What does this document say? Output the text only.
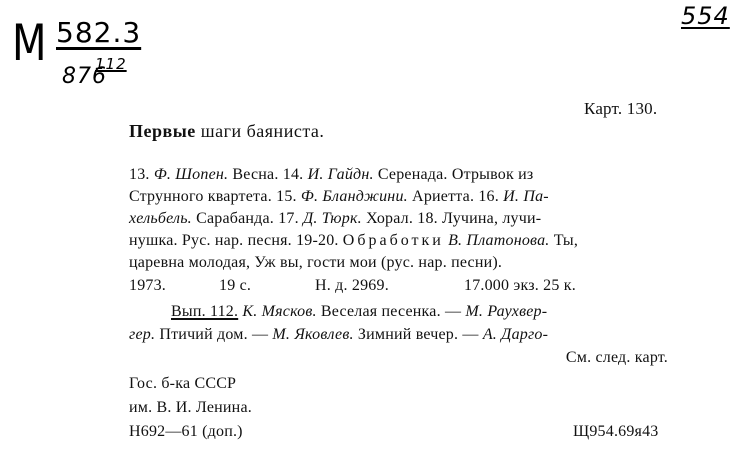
М 582.3
876
112
554
Карт. 130.
Первые шаги баяниста.
13. Ф. Шопен. Весна. 14. И. Гайдн. Серенада. Отрывок из
Струнного квартета. 15. Ф. Бланджини. Ариетта. 16. И. Па-
хельбель. Сарабанда. 17. Д. Тюрк. Хорал. 18. Лучина, лучи-
нушка. Рус. нар. песня. 19-20. Обработки В. Платонова. Ты,
царевна молодая, Уж вы, гости мои (рус. нар. песни).
1973.	19 с.	Н. д. 2969.	17.000 экз. 25 к.
Вып. 112. К. Мясков. Веселая песенка. — М. Раухвер-
гер. Птичий дом. — М. Яковлев. Зимний вечер. — А. Дарго-
См. след. карт.
Гос. б-ка СССР
им. В. И. Ленина.
Н692—61 (доп.)	Щ954.69я43
